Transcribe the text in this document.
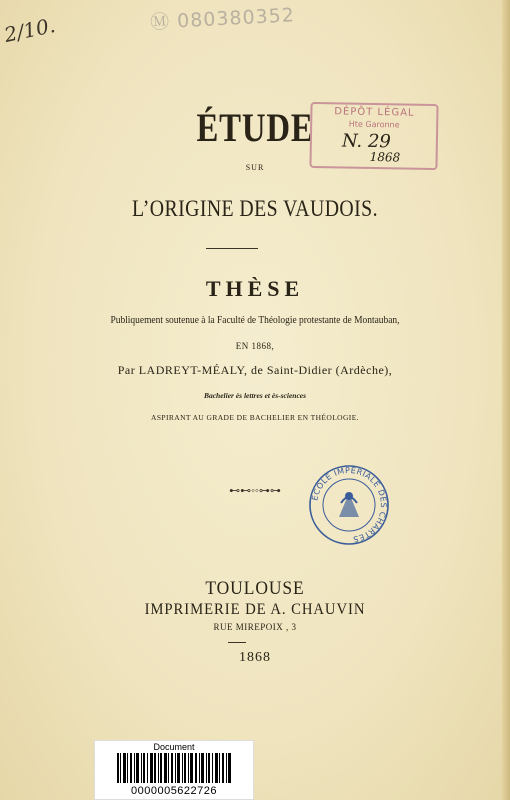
2/10.	Ⓜ 080380352
ÉTUDE
SUR
L’ORIGINE DES VAUDOIS.
THÈSE
Publiquement soutenue à la Faculté de Théologie protestante de Montauban,
EN 1868,
Par LADREYT-MÉALY, de Saint-Didier (Ardèche),
Bachelier ès lettres et ès-sciences
ASPIRANT AU GRADE DE BACHELIER EN THÉOLOGIE.
⊷⊷◦◦⊶⊶
TOULOUSE
IMPRIMERIE DE A. CHAUVIN
RUE MIREPOIX , 3
1868
DÉPÔT LÉGAL
Hte Garonne
N. 29
1868
ÉCOLE IMPÉRIALE DES CHARTES
Document
0000005622726
